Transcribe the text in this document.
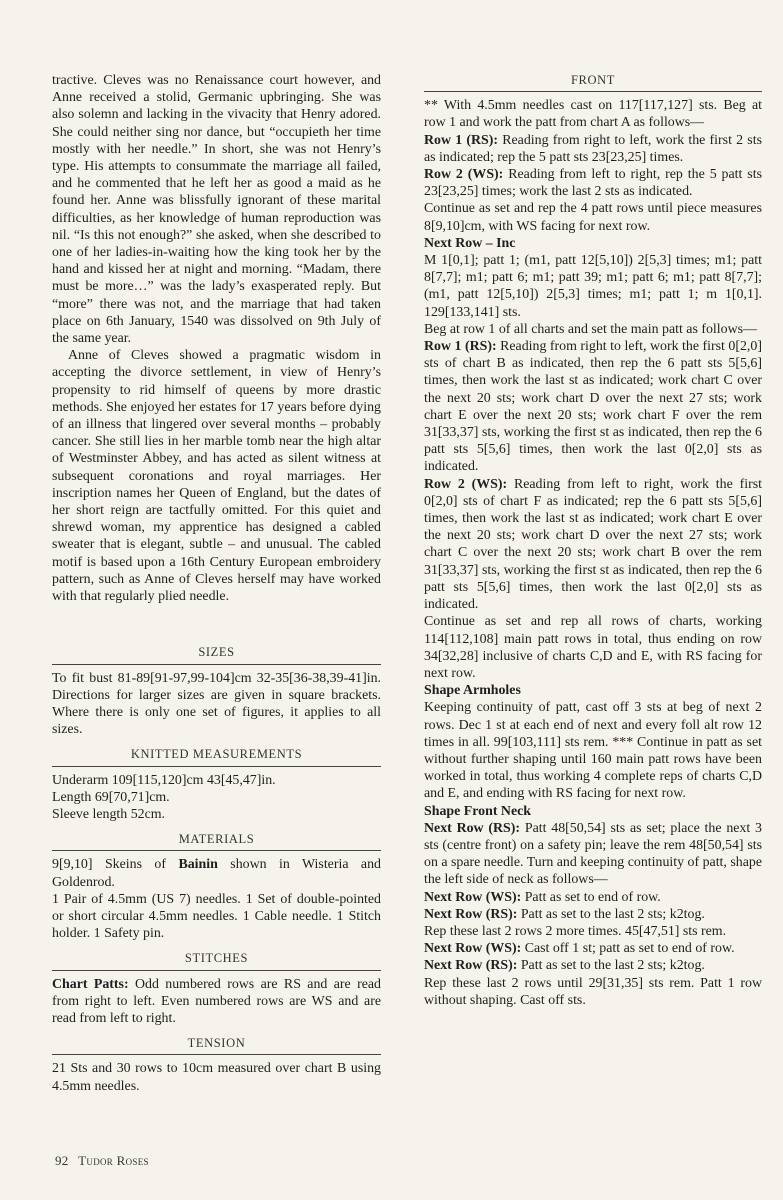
tractive. Cleves was no Renaissance court however, and Anne received a stolid, Germanic upbringing. She was also solemn and lacking in the vivacity that Henry adored. She could neither sing nor dance, but “occupieth her time mostly with her needle.” In short, she was not Henry’s type. His attempts to consummate the marriage all failed, and he commented that he left her as good a maid as he found her. Anne was blissfully ignorant of these marital difficulties, as her knowledge of human reproduction was nil. “Is this not enough?” she asked, when she described to one of her ladies-in-waiting how the king took her by the hand and kissed her at night and morning. “Madam, there must be more…” was the lady’s exasperated reply. But “more” there was not, and the marriage that had taken place on 6th January, 1540 was dissolved on 9th July of the same year.

Anne of Cleves showed a pragmatic wisdom in accepting the divorce settlement, in view of Henry’s propensity to rid himself of queens by more drastic methods. She enjoyed her estates for 17 years before dying of an illness that lingered over several months – probably cancer. She still lies in her marble tomb near the high altar of Westminster Abbey, and has acted as silent witness at subsequent coronations and royal marriages. Her inscription names her Queen of England, but the dates of her short reign are tactfully omitted. For this quiet and shrewd woman, my apprentice has designed a cabled sweater that is elegant, subtle – and unusual. The cabled motif is based upon a 16th Century European embroidery pattern, such as Anne of Cleves herself may have worked with that regularly plied needle.

SIZES

To fit bust 81-89[91-97,99-104]cm 32-35[36-38,39-41]in. Directions for larger sizes are given in square brackets. Where there is only one set of figures, it applies to all sizes.

KNITTED MEASUREMENTS

Underarm 109[115,120]cm 43[45,47]in.

Length 69[70,71]cm.

Sleeve length 52cm.

MATERIALS

9[9,10] Skeins of Bainin shown in Wisteria and Goldenrod.

1 Pair of 4.5mm (US 7) needles. 1 Set of double-pointed or short circular 4.5mm needles. 1 Cable needle. 1 Stitch holder. 1 Safety pin.

STITCHES

Chart Patts: Odd numbered rows are RS and are read from right to left. Even numbered rows are WS and are read from left to right.

TENSION

21 Sts and 30 rows to 10cm measured over chart B using 4.5mm needles.

FRONT

** With 4.5mm needles cast on 117[117,127] sts. Beg at row 1 and work the patt from chart A as follows—

Row 1 (RS): Reading from right to left, work the first 2 sts as indicated; rep the 5 patt sts 23[23,25] times.

Row 2 (WS): Reading from left to right, rep the 5 patt sts 23[23,25] times; work the last 2 sts as indicated.

Continue as set and rep the 4 patt rows until piece measures 8[9,10]cm, with WS facing for next row.

Next Row – Inc

M 1[0,1]; patt 1; (m1, patt 12[5,10]) 2[5,3] times; m1; patt 8[7,7]; m1; patt 6; m1; patt 39; m1; patt 6; m1; patt 8[7,7]; (m1, patt 12[5,10]) 2[5,3] times; m1; patt 1; m 1[0,1]. 129[133,141] sts.

Beg at row 1 of all charts and set the main patt as follows—

Row 1 (RS): Reading from right to left, work the first 0[2,0] sts of chart B as indicated, then rep the 6 patt sts 5[5,6] times, then work the last st as indicated; work chart C over the next 20 sts; work chart D over the next 27 sts; work chart E over the next 20 sts; work chart F over the rem 31[33,37] sts, working the first st as indicated, then rep the 6 patt sts 5[5,6] times, then work the last 0[2,0] sts as indicated.

Row 2 (WS): Reading from left to right, work the first 0[2,0] sts of chart F as indicated; rep the 6 patt sts 5[5,6] times, then work the last st as indicated; work chart E over the next 20 sts; work chart D over the next 27 sts; work chart C over the next 20 sts; work chart B over the rem 31[33,37] sts, working the first st as indicated, then rep the 6 patt sts 5[5,6] times, then work the last 0[2,0] sts as indicated.

Continue as set and rep all rows of charts, working 114[112,108] main patt rows in total, thus ending on row 34[32,28] inclusive of charts C,D and E, with RS facing for next row.

Shape Armholes

Keeping continuity of patt, cast off 3 sts at beg of next 2 rows. Dec 1 st at each end of next and every foll alt row 12 times in all. 99[103,111] sts rem. *** Continue in patt as set without further shaping until 160 main patt rows have been worked in total, thus working 4 complete reps of charts C,D and E, and ending with RS facing for next row.

Shape Front Neck

Next Row (RS): Patt 48[50,54] sts as set; place the next 3 sts (centre front) on a safety pin; leave the rem 48[50,54] sts on a spare needle. Turn and keeping continuity of patt, shape the left side of neck as follows—

Next Row (WS): Patt as set to end of row.

Next Row (RS): Patt as set to the last 2 sts; k2tog.

Rep these last 2 rows 2 more times. 45[47,51] sts rem.

Next Row (WS): Cast off 1 st; patt as set to end of row.

Next Row (RS): Patt as set to the last 2 sts; k2tog.

Rep these last 2 rows until 29[31,35] sts rem. Patt 1 row without shaping. Cast off sts.

92 Tudor Roses
